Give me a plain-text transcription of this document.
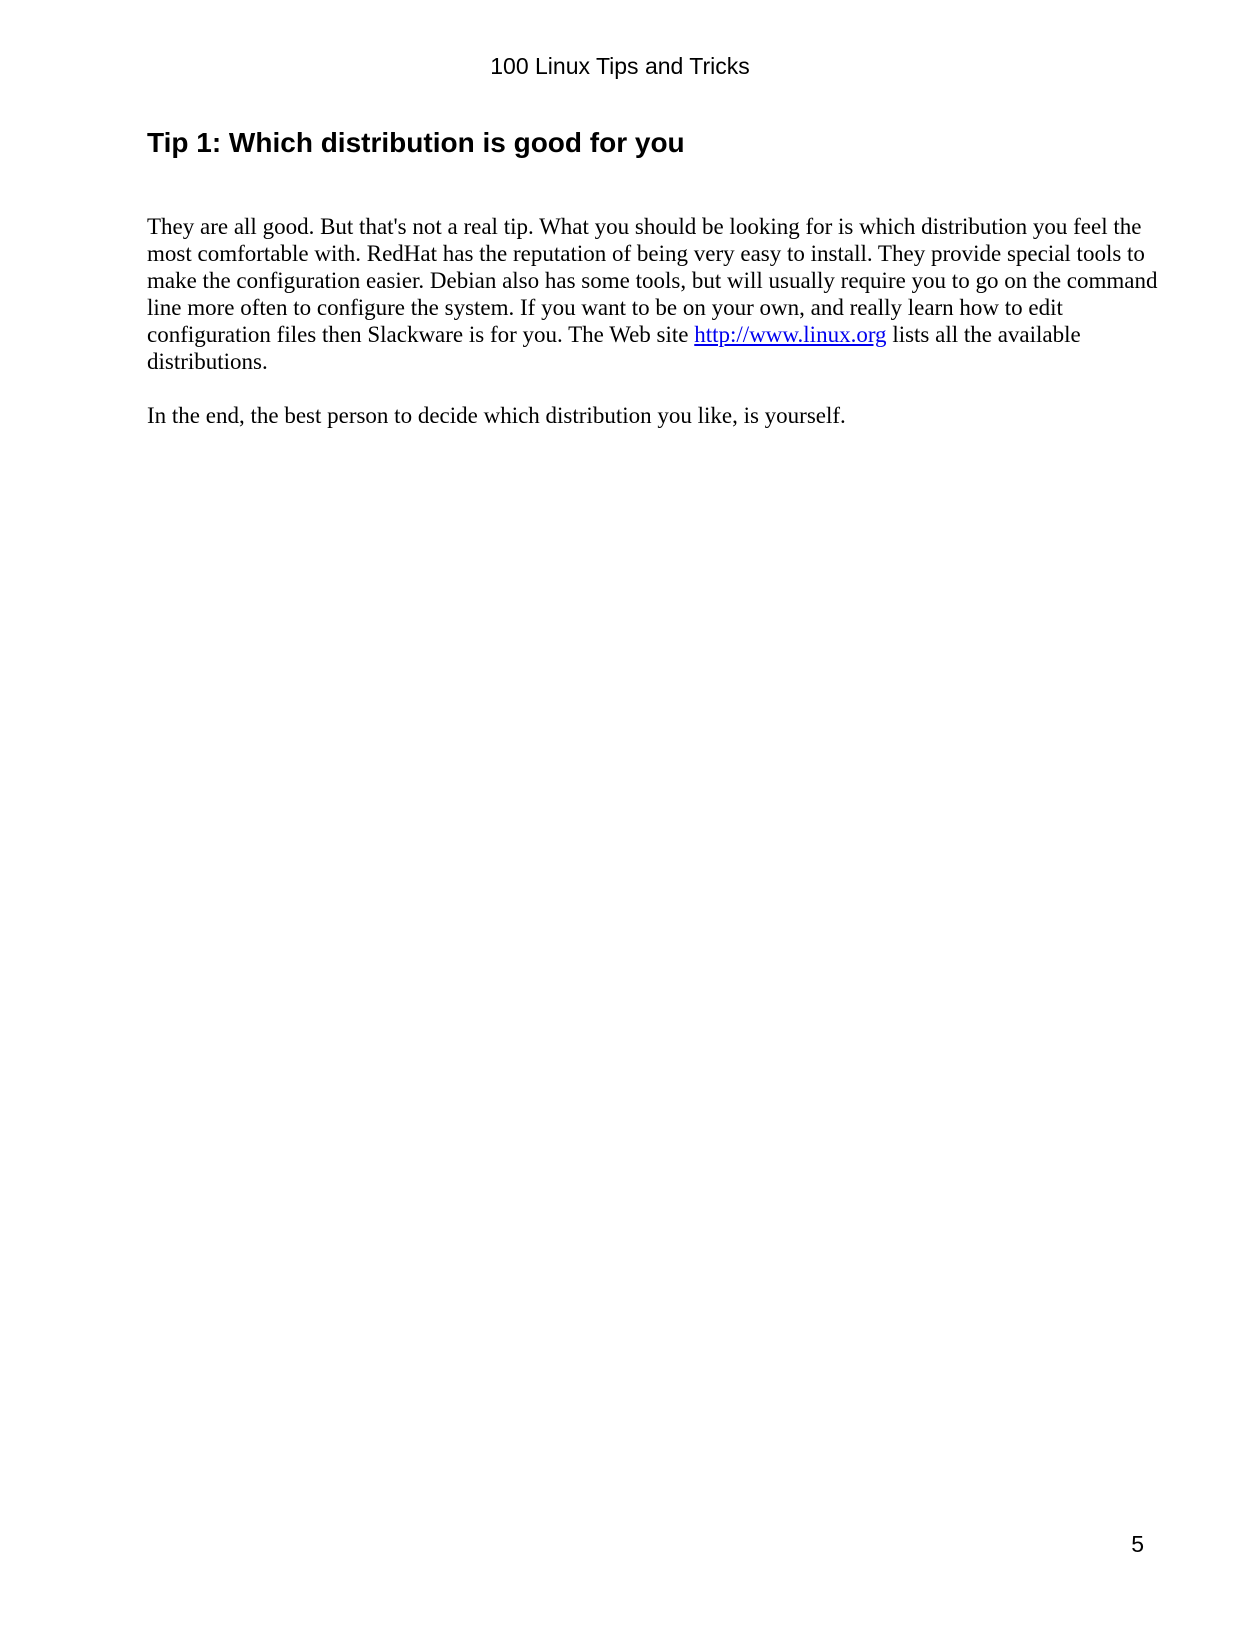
100 Linux Tips and Tricks
Tip 1: Which distribution is good for you

They are all good. But that's not a real tip. What you should be looking for is which distribution you feel the
most comfortable with. RedHat has the reputation of being very easy to install. They provide special tools to
make the configuration easier. Debian also has some tools, but will usually require you to go on the command
line more often to configure the system. If you want to be on your own, and really learn how to edit
configuration files then Slackware is for you. The Web site http://www.linux.org lists all the available
distributions.

In the end, the best person to decide which distribution you like, is yourself.

5
